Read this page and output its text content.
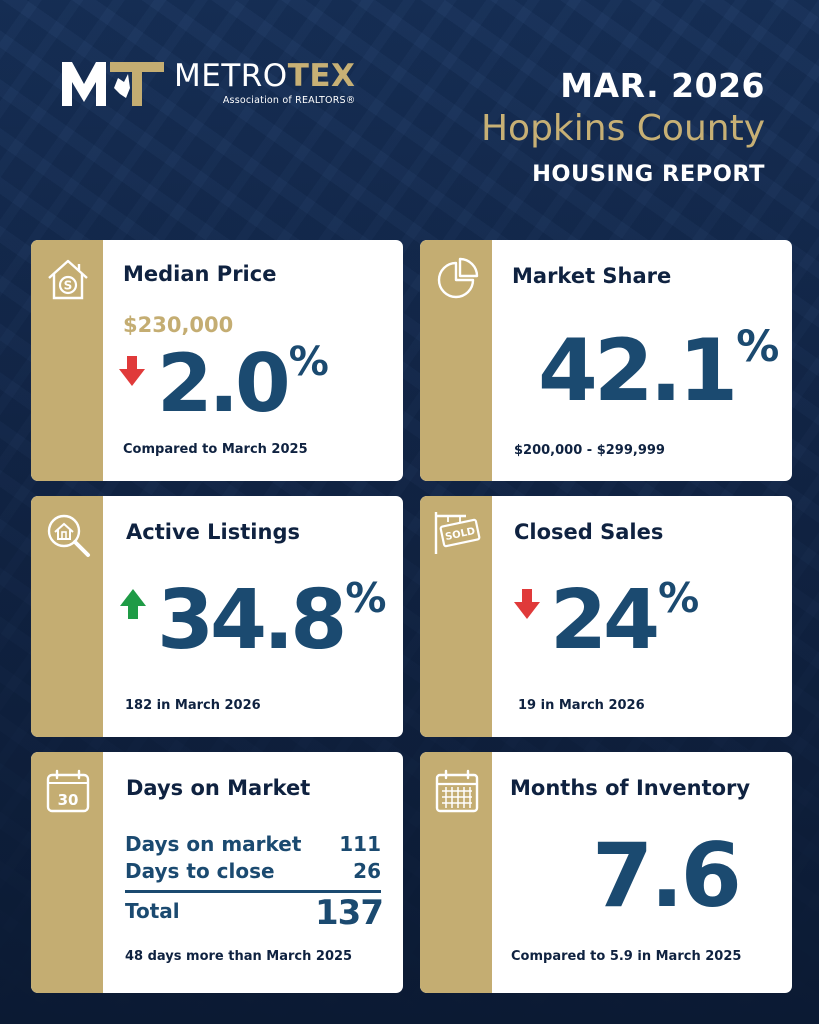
METROTEX
Association of REALTORS®	MAR. 2026
Hopkins County
HOUSING REPORT
S Median Price
$230,000
2.0%
Compared to March 2025
Market Share
42.1%
$200,000 - $299,999
Active Listings
34.8%
182 in March 2026
SOLD Closed Sales
24%
19 in March 2026
30 Days on Market
Days on market 111
Days to close	26
Total	137
48 days more than March 2025
Months of Inventory
7.6
Compared to 5.9 in March 2025
